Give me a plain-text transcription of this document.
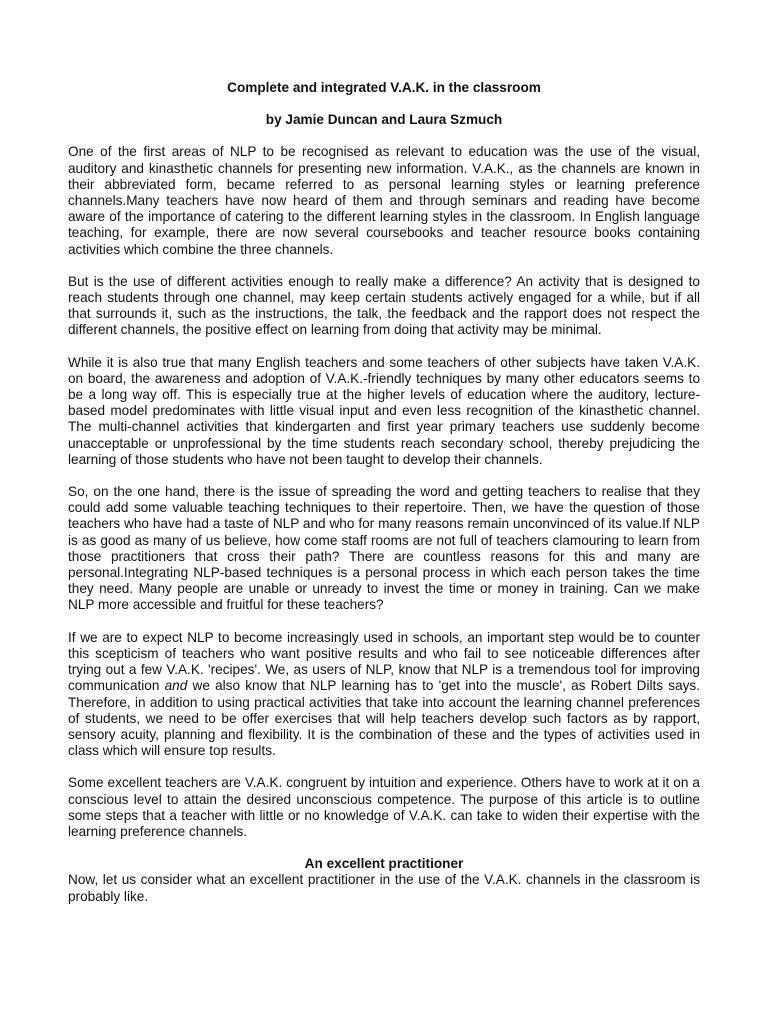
Complete and integrated V.A.K. in the classroom

by Jamie Duncan and Laura Szmuch

One of the first areas of NLP to be recognised as relevant to education was the use of the visual, auditory and kinasthetic channels for presenting new information. V.A.K., as the channels are known in their abbreviated form, became referred to as personal learning styles or learning preference channels.Many teachers have now heard of them and through seminars and reading have become aware of the importance of catering to the different learning styles in the classroom. In English language teaching, for example, there are now several coursebooks and teacher resource books containing activities which combine the three channels.

But is the use of different activities enough to really make a difference? An activity that is designed to reach students through one channel, may keep certain students actively engaged for a while, but if all that surrounds it, such as the instructions, the talk, the feedback and the rapport does not respect the different channels, the positive effect on learning from doing that activity may be minimal.

While it is also true that many English teachers and some teachers of other subjects have taken V.A.K. on board, the awareness and adoption of V.A.K.-friendly techniques by many other educators seems to be a long way off. This is especially true at the higher levels of education where the auditory, lecture-based model predominates with little visual input and even less recognition of the kinasthetic channel. The multi-channel activities that kindergarten and first year primary teachers use suddenly become unacceptable or unprofessional by the time students reach secondary school, thereby prejudicing the learning of those students who have not been taught to develop their channels.

So, on the one hand, there is the issue of spreading the word and getting teachers to realise that they could add some valuable teaching techniques to their repertoire. Then, we have the question of those teachers who have had a taste of NLP and who for many reasons remain unconvinced of its value.If NLP is as good as many of us believe, how come staff rooms are not full of teachers clamouring to learn from those practitioners that cross their path? There are countless reasons for this and many are personal.Integrating NLP-based techniques is a personal process in which each person takes the time they need. Many people are unable or unready to invest the time or money in training. Can we make NLP more accessible and fruitful for these teachers?

If we are to expect NLP to become increasingly used in schools, an important step would be to counter this scepticism of teachers who want positive results and who fail to see noticeable differences after trying out a few V.A.K. 'recipes'. We, as users of NLP, know that NLP is a tremendous tool for improving communication and we also know that NLP learning has to 'get into the muscle', as Robert Dilts says. Therefore, in addition to using practical activities that take into account the learning channel preferences of students, we need to be offer exercises that will help teachers develop such factors as by rapport, sensory acuity, planning and flexibility. It is the combination of these and the types of activities used in class which will ensure top results.

Some excellent teachers are V.A.K. congruent by intuition and experience. Others have to work at it on a conscious level to attain the desired unconscious competence. The purpose of this article is to outline some steps that a teacher with little or no knowledge of V.A.K. can take to widen their expertise with the learning preference channels.

An excellent practitioner

Now, let us consider what an excellent practitioner in the use of the V.A.K. channels in the classroom is probably like.
